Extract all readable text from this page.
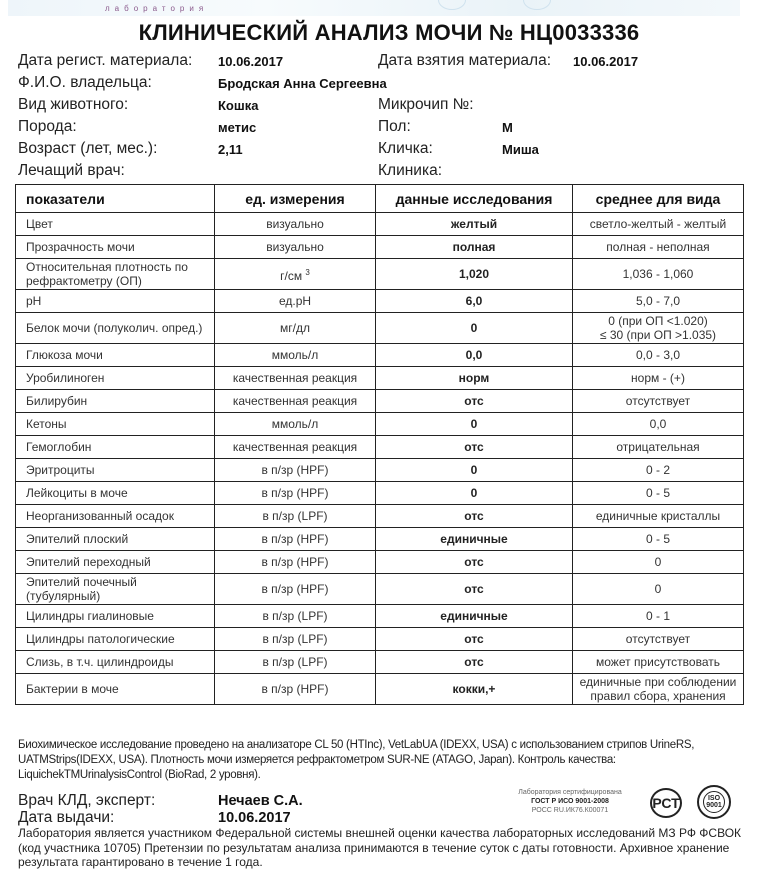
лаборатория
КЛИНИЧЕСКИЙ АНАЛИЗ МОЧИ № НЦ0033336
Дата регист. материала: 10.06.2017
Ф.И.О. владельца:	Бродская Анна Сергеевна
Вид животного:	Кошка
Порода:	метис
Возраст (лет, мес.):	2,11
Лечащий врач:
Дата взятия материала: 10.06.2017
Микрочип №:
Пол:	М
Кличка:	Миша
Клиника:
показатели	ед. измерения	данные исследования	среднее для вида
Цвет	визуально	желтый	светло-желтый - желтый

Прозрачность мочи	визуально	полная	полная - неполная

Относительная плотность по рефрактометру (ОП)	г/см $^3$	1,020	1,036 - 1,060

pH	ед.pH	6,0	5,0 - 7,0

Белок мочи (полуколич. опред.)	мг/дл	0	0 (при ОП <1.020)
≤ 30 (при ОП >1.035)

Глюкоза мочи	ммоль/л	0,0	0,0 - 3,0

Уробилиноген	качественная реакция	норм	норм - (+)

Билирубин	качественная реакция	отс	отсутствует

Кетоны	ммоль/л	0	0,0

Гемоглобин	качественная реакция	отс	отрицательная

Эритроциты	в п/зр (HPF)	0	0 - 2

Лейкоциты в моче	в п/зр (HPF)	0	0 - 5

Неорганизованный осадок	в п/зр (LPF)	отс	единичные кристаллы

Эпителий плоский	в п/зр (HPF)	единичные	0 - 5

Эпителий переходный	в п/зр (HPF)	отс	0

Эпителий почечный (тубулярный)	в п/зр (HPF)	отс	0

Цилиндры гиалиновые	в п/зр (LPF)	единичные	0 - 1

Цилиндры патологические	в п/зр (LPF)	отс	отсутствует

Слизь, в т.ч. цилиндроиды	в п/зр (LPF)	отс	может присутствовать

Бактерии в моче	в п/зр (HPF)	кокки,+	единичные при соблюдении
правил сбора, хранения
Биохимическое исследование проведено на анализаторе CL 50 (HTInc), VetLabUA (IDEXX, USA) с использованием стрипов UrineRS, UATMStrips(IDEXX, USA). Плотность мочи измеряется рефрактометром SUR-NE (ATAGO, Japan). Контроль качества: LiquichekTMUrinalysisControl (BioRad, 2 уровня).
Врач КЛД, эксперт:	Нечаев С.А.
Дата выдачи:	10.06.2017
Лаборатория сертифицирована
ГОСТ Р ИСО 9001-2008
РОСС RU.ИК76.К00071	РСТ	ISO
9001
Лаборатория является участником Федеральной системы внешней оценки качества лабораторных исследований МЗ РФ ФСВОК (код участника 10705) Претензии по результатам анализа принимаются в течение суток с даты готовности. Архивное хранение результата гарантировано в течение 1 года.
